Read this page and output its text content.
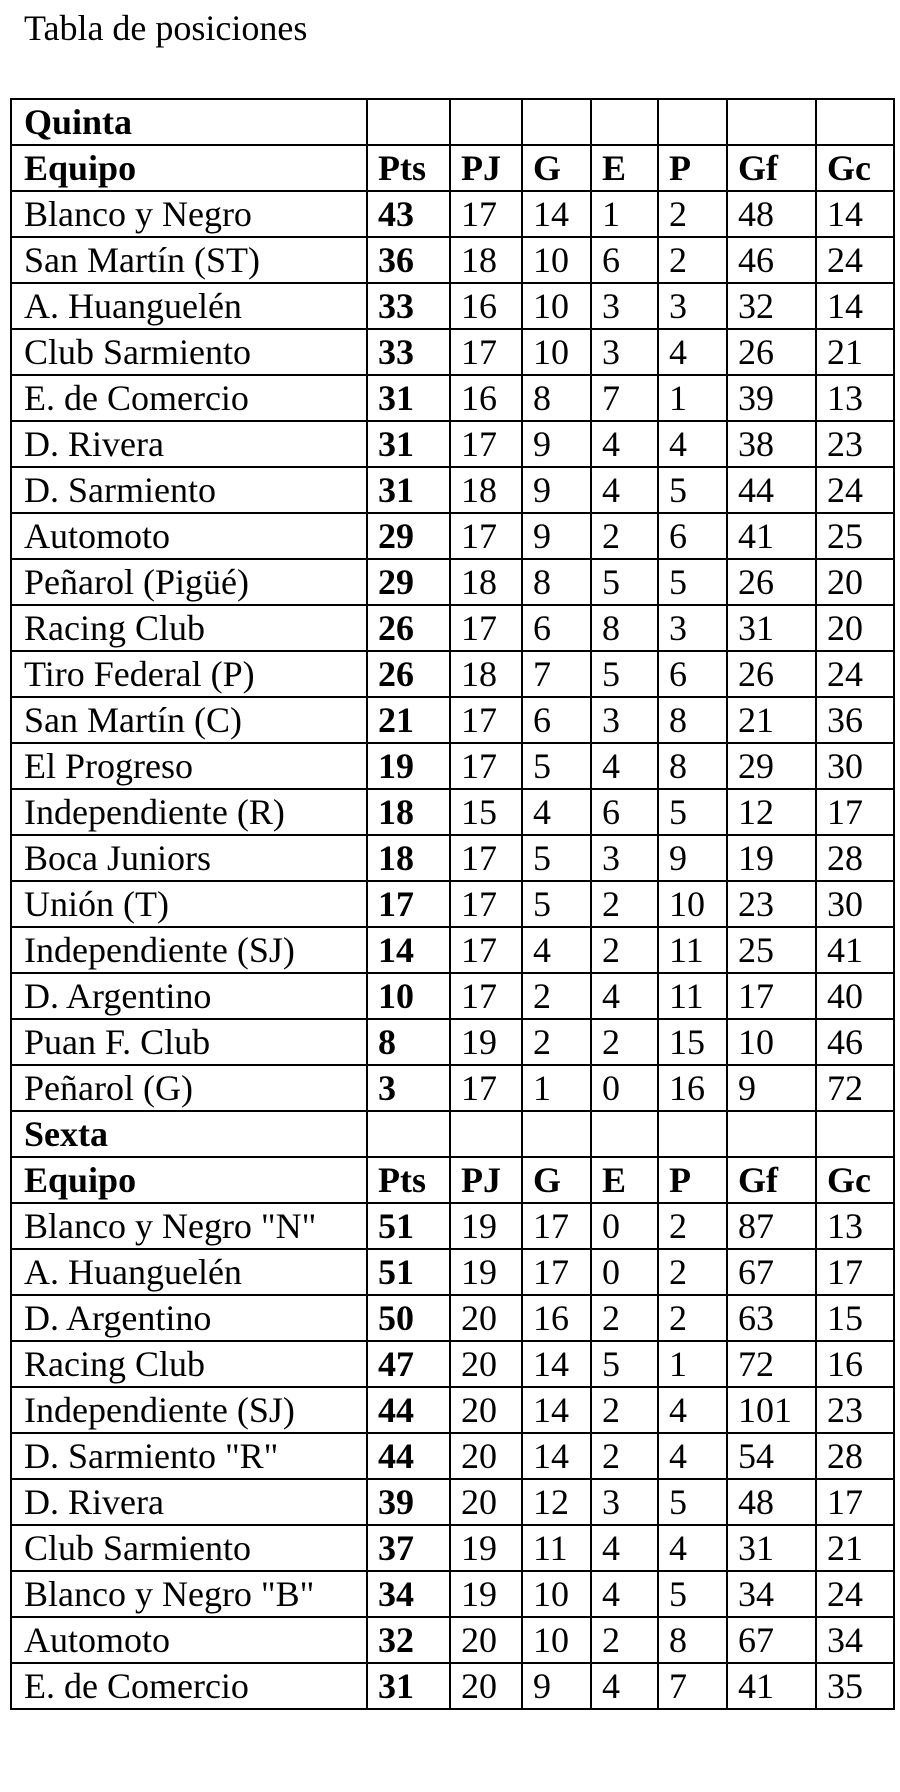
Tabla de posiciones
Quinta							
Equipo	Pts	PJ	G	E	P	Gf	Gc
Blanco y Negro	43	17	14	1	2	48	14
San Martín (ST)	36	18	10	6	2	46	24
A. Huanguelén	33	16	10	3	3	32	14
Club Sarmiento	33	17	10	3	4	26	21
E. de Comercio	31	16	8	7	1	39	13
D. Rivera	31	17	9	4	4	38	23
D. Sarmiento	31	18	9	4	5	44	24
Automoto	29	17	9	2	6	41	25
Peñarol (Pigüé)	29	18	8	5	5	26	20
Racing Club	26	17	6	8	3	31	20
Tiro Federal (P)	26	18	7	5	6	26	24
San Martín (C)	21	17	6	3	8	21	36
El Progreso	19	17	5	4	8	29	30
Independiente (R)	18	15	4	6	5	12	17
Boca Juniors	18	17	5	3	9	19	28
Unión (T)	17	17	5	2	10	23	30
Independiente (SJ)	14	17	4	2	11	25	41
D. Argentino	10	17	2	4	11	17	40
Puan F. Club	8	19	2	2	15	10	46
Peñarol (G)	3	17	1	0	16	9	72
Sexta							
Equipo	Pts	PJ	G	E	P	Gf	Gc
Blanco y Negro "N"	51	19	17	0	2	87	13
A. Huanguelén	51	19	17	0	2	67	17
D. Argentino	50	20	16	2	2	63	15
Racing Club	47	20	14	5	1	72	16
Independiente (SJ)	44	20	14	2	4	101	23
D. Sarmiento "R"	44	20	14	2	4	54	28
D. Rivera	39	20	12	3	5	48	17
Club Sarmiento	37	19	11	4	4	31	21
Blanco y Negro "B"	34	19	10	4	5	34	24
Automoto	32	20	10	2	8	67	34
E. de Comercio	31	20	9	4	7	41	35
